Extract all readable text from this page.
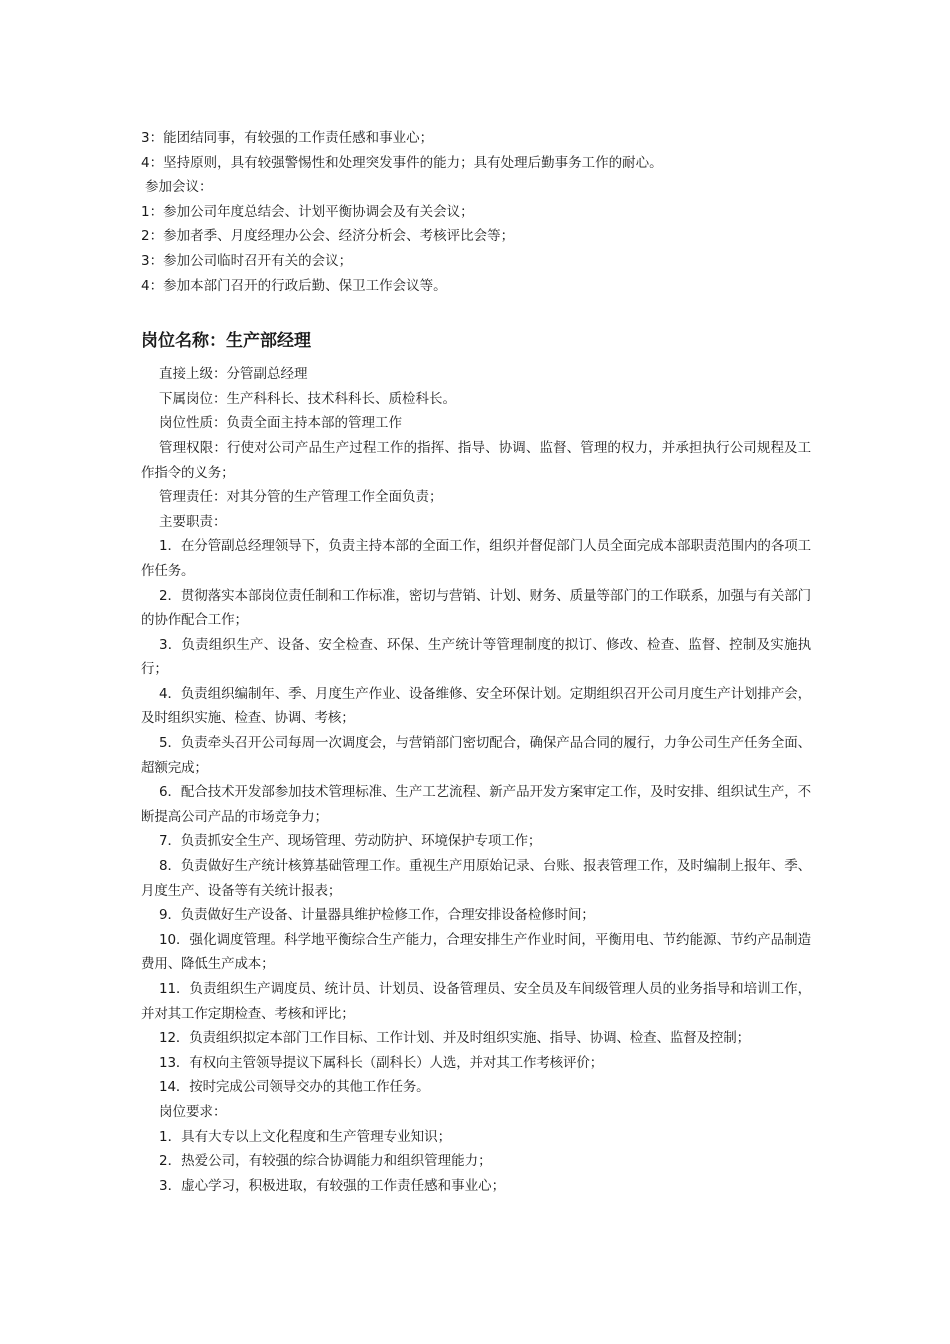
3：能团结同事，有较强的工作责任感和事业心；
4：坚持原则，具有较强警惕性和处理突发事件的能力；具有处理后勤事务工作的耐心。
参加会议：
1：参加公司年度总结会、计划平衡协调会及有关会议；
2：参加者季、月度经理办公会、经济分析会、考核评比会等；
3：参加公司临时召开有关的会议；
4：参加本部门召开的行政后勤、保卫工作会议等。
岗位名称：生产部经理
直接上级：分管副总经理
下属岗位：生产科科长、技术科科长、质检科长。
岗位性质：负责全面主持本部的管理工作
管理权限：行使对公司产品生产过程工作的指挥、指导、协调、监督、管理的权力，并承担执行公司规程及工作指令的义务；
管理责任：对其分管的生产管理工作全面负责；
主要职责：
1．在分管副总经理领导下，负责主持本部的全面工作，组织并督促部门人员全面完成本部职责范围内的各项工作任务。
2．贯彻落实本部岗位责任制和工作标准，密切与营销、计划、财务、质量等部门的工作联系，加强与有关部门的协作配合工作；
3．负责组织生产、设备、安全检查、环保、生产统计等管理制度的拟订、修改、检查、监督、控制及实施执行；
4．负责组织编制年、季、月度生产作业、设备维修、安全环保计划。定期组织召开公司月度生产计划排产会，及时组织实施、检查、协调、考核；
5．负责牵头召开公司每周一次调度会，与营销部门密切配合，确保产品合同的履行，力争公司生产任务全面、超额完成；
6．配合技术开发部参加技术管理标准、生产工艺流程、新产品开发方案审定工作，及时安排、组织试生产，不断提高公司产品的市场竞争力；
7．负责抓安全生产、现场管理、劳动防护、环境保护专项工作；
8．负责做好生产统计核算基础管理工作。重视生产用原始记录、台账、报表管理工作，及时编制上报年、季、月度生产、设备等有关统计报表；
9．负责做好生产设备、计量器具维护检修工作，合理安排设备检修时间；
10．强化调度管理。科学地平衡综合生产能力，合理安排生产作业时间，平衡用电、节约能源、节约产品制造费用、降低生产成本；
11．负责组织生产调度员、统计员、计划员、设备管理员、安全员及车间级管理人员的业务指导和培训工作，并对其工作定期检查、考核和评比；
12．负责组织拟定本部门工作目标、工作计划、并及时组织实施、指导、协调、检查、监督及控制；
13．有权向主管领导提议下属科长（副科长）人选，并对其工作考核评价；
14．按时完成公司领导交办的其他工作任务。
岗位要求：
1．具有大专以上文化程度和生产管理专业知识；
2．热爱公司，有较强的综合协调能力和组织管理能力；
3．虚心学习，积极进取，有较强的工作责任感和事业心；
